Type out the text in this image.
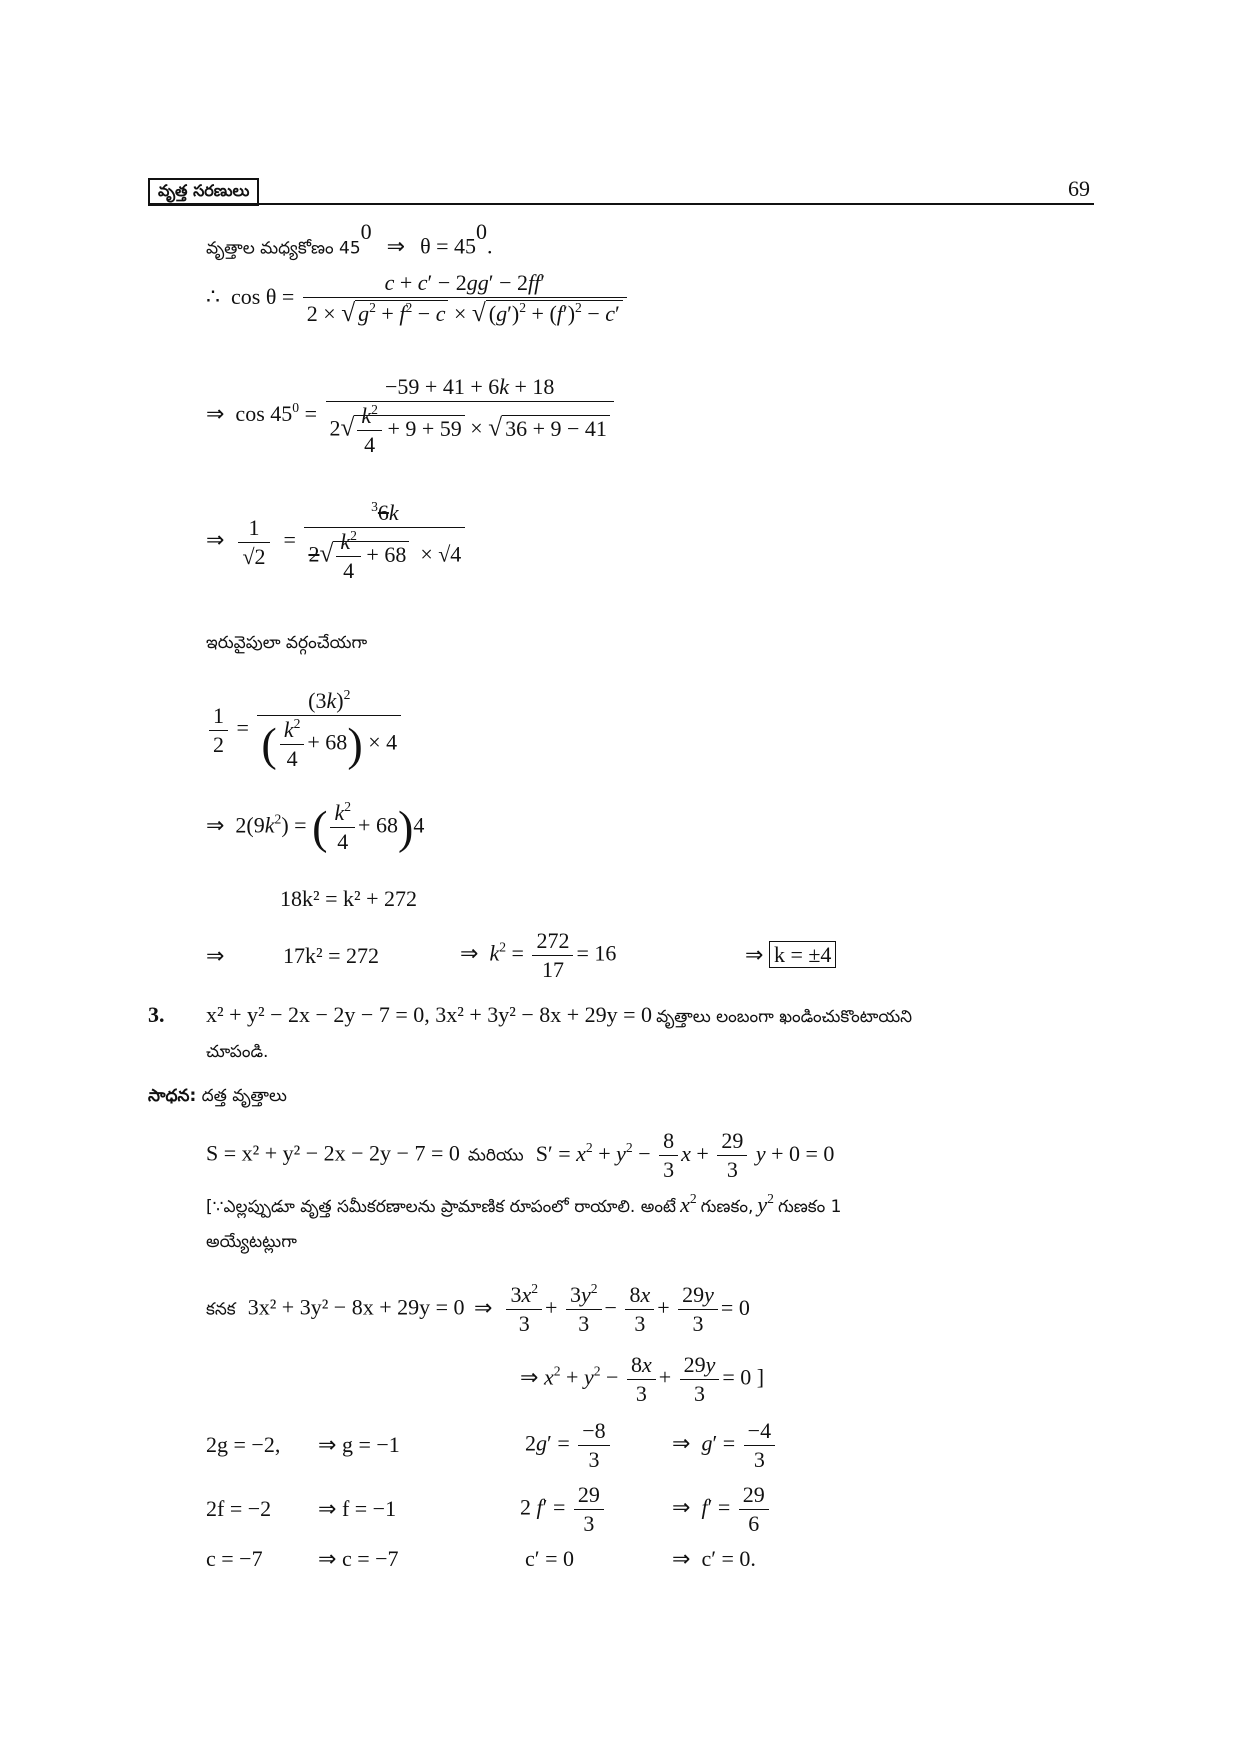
వృత్త సరణులు	69
వృత్తాల మధ్యకోణం $45^0$   ⇒   $\theta = 45^0$.
∴  $\cos \theta = \frac{c + c' - 2gg' - 2ff'}{2 \times √ g^2 + f^2 - c \times √ (g')^2 + (f')^2 - c'}$
⇒  $\cos 45^0 = \frac{-59 + 41 + 6k + 18}{2√ \frac{k^2}{4} + 9 + 59 \times √ 36 + 9 - 41}$
⇒ $\frac{1}{√2} = \frac{^36k}{2√ \frac{k^2}{4} + 68 \times √4}$
ఇరువైపులా వర్గంచేయగా
$\frac{1}{2} = \frac{(3k)^2}{( \frac{k^2}{4} + 68) \times 4}$
⇒  $2(9k^2)$ = ( $\frac{k^2}{4} + 68)4$
18k² = k² + 272
⇒	17k² = 272	⇒  $k^2 = \frac{272}{17} = 16$	⇒ k = ±4
3. x² + y² − 2x − 2y − 7 = 0, 3x² + 3y² − 8x + 29y = 0 వృత్తాలు లంబంగా ఖండించుకొంటాయని
చూపండి.
సాధన: దత్త వృత్తాలు
S = x² + y² − 2x − 2y − 7 = 0 మరియు $S' = x^2 + y^2 - \frac{8}{3}$ $x + \frac{29}{3}$ y + 0 = 0
[∵ఎల్లప్పుడూ వృత్త సమీకరణాలను ప్రామాణిక రూపంలో రాయాలి. అంటే $x^2$ గుణకం, $y^2$ గుణకం 1
అయ్యేటట్లుగా
కనక 3x² + 3y² − 8x + 29y = 0  ⇒ $\frac{3x^2}{3} + \frac{3y^2}{3} - \frac{8x}{3} + \frac{29y}{3} = 0$
⇒ $x^2 + y^2 - \frac{8x}{3} + \frac{29y}{3} = 0$ ]
2g = −2, ⇒ g = −1	$2g' = \frac{-8}{3}$	⇒  $g' = \frac{-4}{3}$
2f = −2 ⇒ f = −1	2 $f' = \frac{29}{3}$	⇒  $f' = \frac{29}{6}$
c = −7	⇒ c = −7	c′ = 0	⇒  c′ = 0.
